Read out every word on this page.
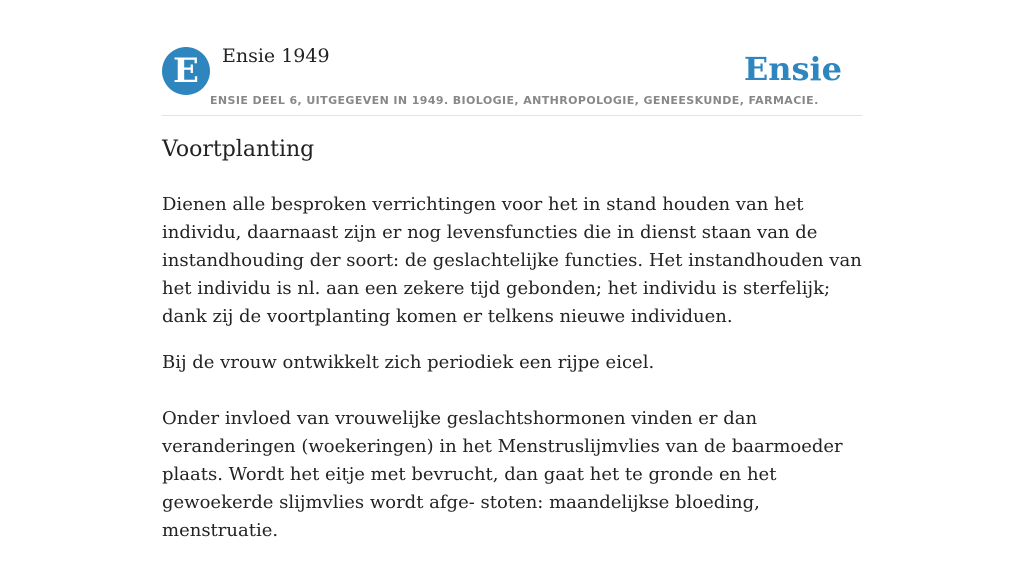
E	Ensie 1949	Ensie
ENSIE DEEL 6, UITGEGEVEN IN 1949. BIOLOGIE, ANTHROPOLOGIE, GENEESKUNDE, FARMACIE.
Voortplanting

Dienen alle besproken verrichtingen voor het in stand houden van het individu, daarnaast zijn er nog levensfuncties die in dienst staan van de instandhouding der soort: de geslachtelijke functies. Het instandhouden van het individu is nl. aan een zekere tijd gebonden; het individu is sterfelijk; dank zij de voortplanting komen er telkens nieuwe individuen.

Bij de vrouw ontwikkelt zich periodiek een rijpe eicel.

Onder invloed van vrouwelijke geslachtshormonen vinden er dan veranderingen (woekeringen) in het Menstruslijmvlies van de baarmoeder plaats. Wordt het eitje met bevrucht, dan gaat het te gronde en het gewoekerde slijmvlies wordt afge- stoten: maandelijkse bloeding, menstruatie.
